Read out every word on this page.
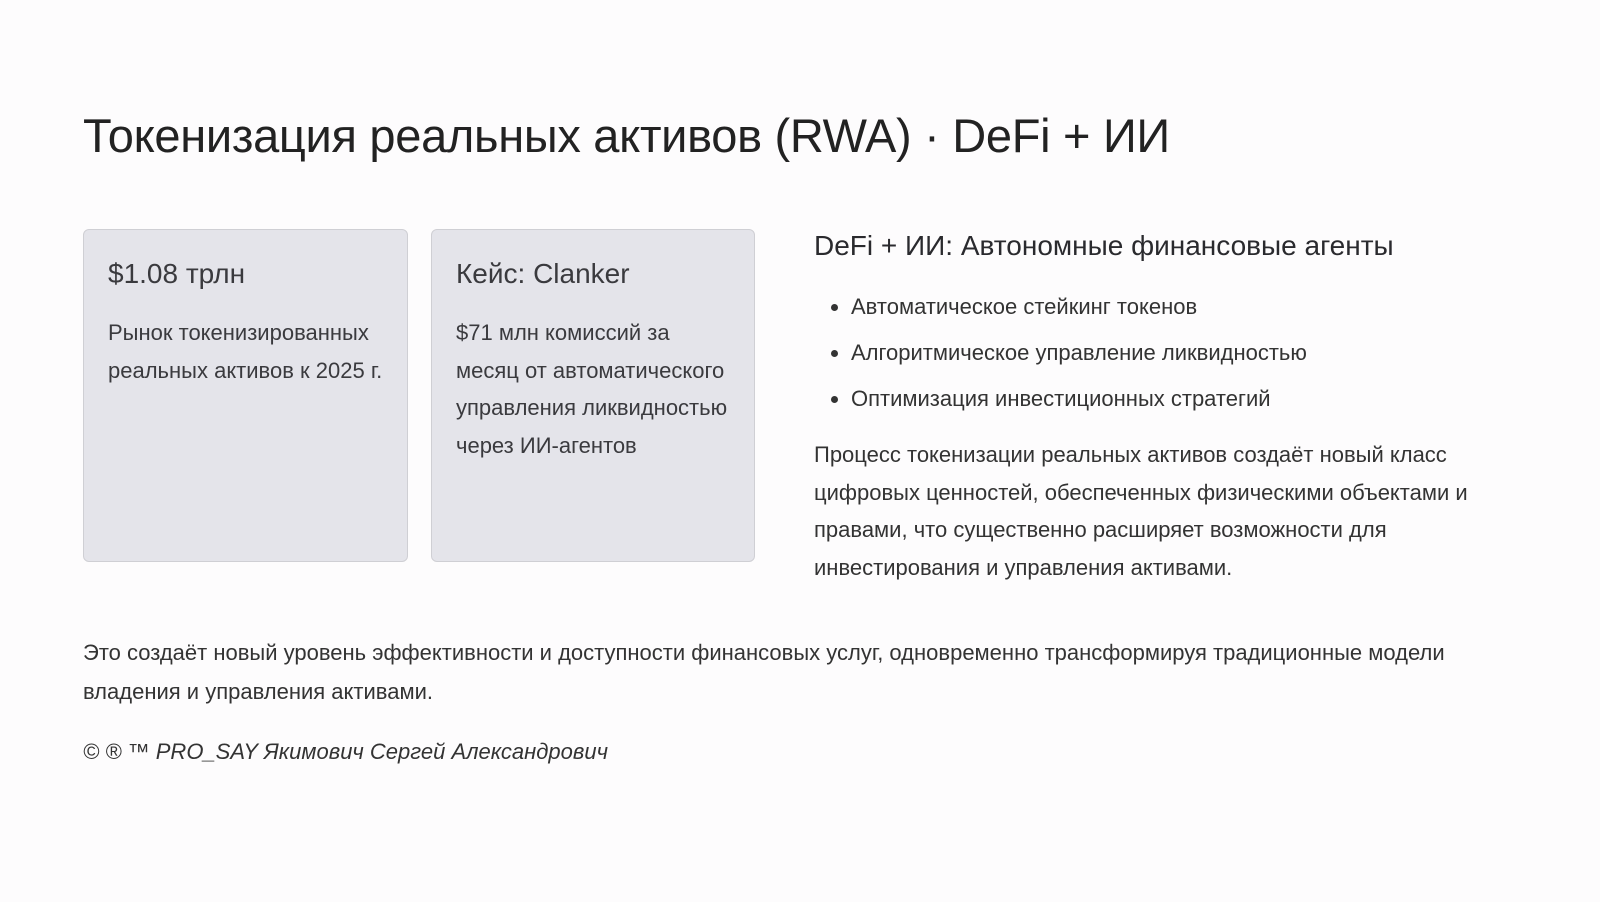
Токенизация реальных активов (RWA) · DeFi + ИИ

$1.08 трлн

Рынок токенизированных реальных активов к 2025 г.

Кейс: Clanker

$71 млн комиссий за месяц от автоматического управления ликвидностью через ИИ-агентов

DeFi + ИИ: Автономные финансовые агенты

• Автоматическое стейкинг токенов
• Алгоритмическое управление ликвидностью
• Оптимизация инвестиционных стратегий

Процесс токенизации реальных активов создаёт новый класс цифровых ценностей, обеспеченных физическими объектами и правами, что существенно расширяет возможности для инвестирования и управления активами.

Это создаёт новый уровень эффективности и доступности финансовых услуг, одновременно трансформируя традиционные модели владения и управления активами.

© ® ™ PRO_SAY Якимович Сергей Александрович
